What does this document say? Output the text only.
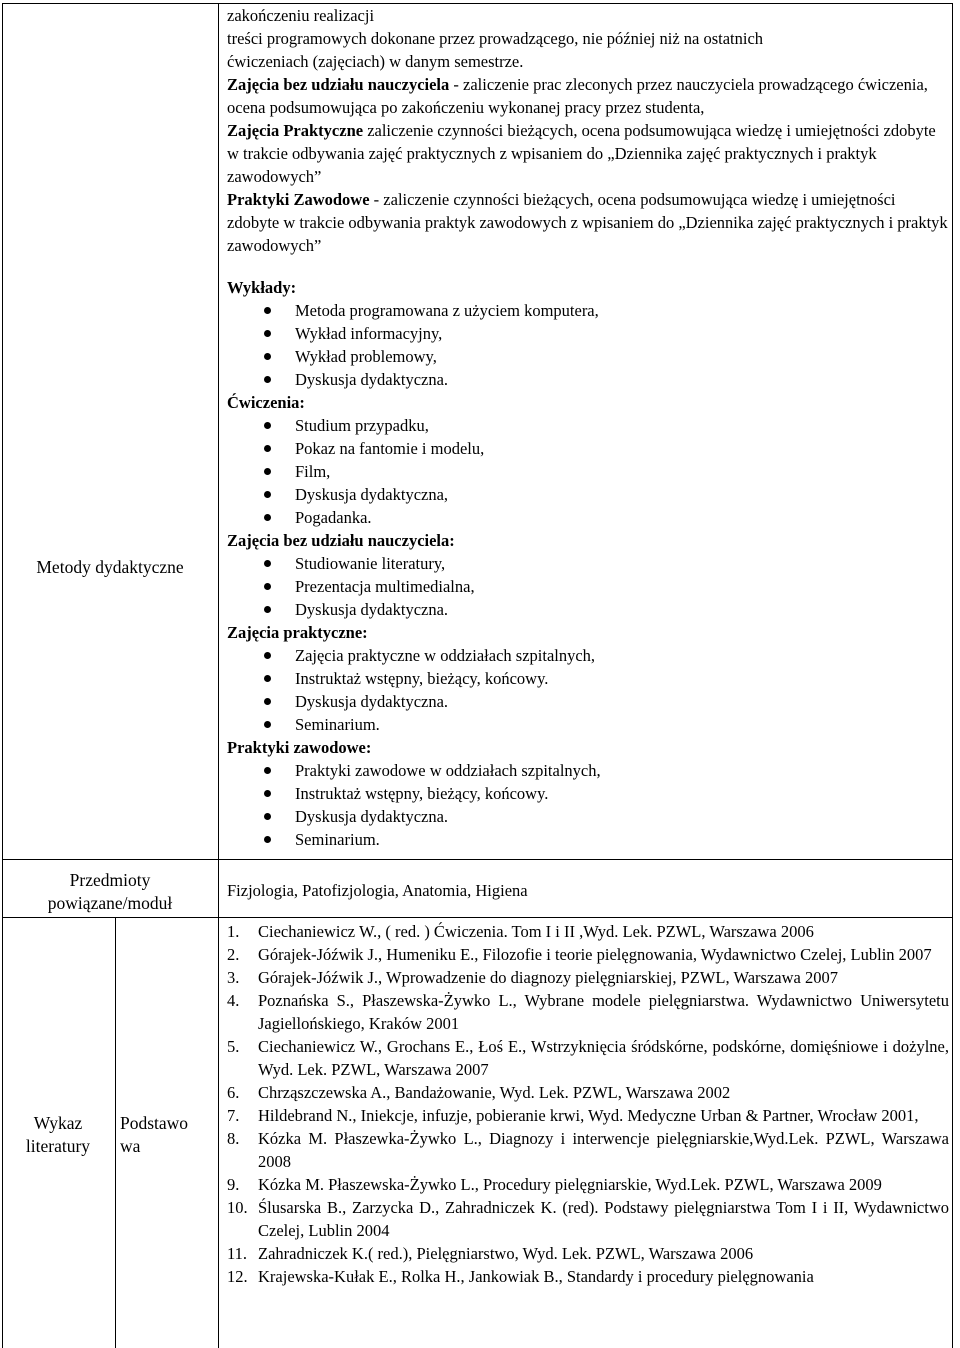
Metody dydaktyczne
Przedmioty powiązane/moduł
Wykaz literatury
Podstawowa

zakończeniu realizacji

treści programowych dokonane przez prowadzącego, nie później niż na ostatnich

ćwiczeniach (zajęciach) w danym semestrze.

Zajęcia bez udziału nauczyciela - zaliczenie prac zleconych przez nauczyciela prowadzącego ćwiczenia, ocena podsumowująca po zakończeniu wykonanej pracy przez studenta,

Zajęcia Praktyczne zaliczenie czynności bieżących, ocena podsumowująca wiedzę i umiejętności zdobyte w trakcie odbywania zajęć praktycznych z wpisaniem do „Dziennika zajęć praktycznych i praktyk zawodowych”

Praktyki Zawodowe - zaliczenie czynności bieżących, ocena podsumowująca wiedzę i umiejętności zdobyte w trakcie odbywania praktyk zawodowych z wpisaniem do „Dziennika zajęć praktycznych i praktyk zawodowych”

Wykłady:

Metoda programowana z użyciem komputera,
Wykład informacyjny,
Wykład problemowy,
Dyskusja dydaktyczna.

Ćwiczenia:

Studium przypadku,
Pokaz na fantomie i modelu,
Film,
Dyskusja dydaktyczna,
Pogadanka.

Zajęcia bez udziału nauczyciela:

Studiowanie literatury,
Prezentacja multimedialna,
Dyskusja dydaktyczna.

Zajęcia praktyczne:

Zajęcia praktyczne w oddziałach szpitalnych,
Instruktaż wstępny, bieżący, końcowy.
Dyskusja dydaktyczna.
Seminarium.

Praktyki zawodowe:

Praktyki zawodowe w oddziałach szpitalnych,
Instruktaż wstępny, bieżący, końcowy.
Dyskusja dydaktyczna.
Seminarium.

Fizjologia, Patofizjologia, Anatomia, Higiena

1. Ciechaniewicz W., ( red. ) Ćwiczenia. Tom I i II ,Wyd. Lek. PZWL, Warszawa 2006
2. Górajek-Jóźwik J., Humeniku E., Filozofie i teorie pielęgnowania, Wydawnictwo Czelej, Lublin 2007
3. Górajek-Jóźwik J., Wprowadzenie do diagnozy pielęgniarskiej, PZWL, Warszawa 2007
4. Poznańska S., Płaszewska-Żywko L., Wybrane modele pielęgniarstwa. Wydawnictwo Uniwersytetu Jagiellońskiego, Kraków 2001
5. Ciechaniewicz W., Grochans E., Łoś E., Wstrzyknięcia śródskórne, podskórne, domięśniowe i dożylne, Wyd. Lek. PZWL, Warszawa 2007
6. Chrząszczewska A., Bandażowanie, Wyd. Lek. PZWL, Warszawa 2002
7. Hildebrand N., Iniekcje, infuzje, pobieranie krwi, Wyd. Medyczne Urban & Partner, Wrocław 2001,
8. Kózka M. Płaszewka-Żywko L., Diagnozy i interwencje pielęgniarskie,Wyd.Lek. PZWL, Warszawa 2008
9. Kózka M. Płaszewska-Żywko L., Procedury pielęgniarskie, Wyd.Lek. PZWL, Warszawa 2009
10. Ślusarska B., Zarzycka D., Zahradniczek K. (red). Podstawy pielęgniarstwa Tom I i II, Wydawnictwo Czelej, Lublin 2004
11. Zahradniczek K.( red.), Pielęgniarstwo, Wyd. Lek. PZWL, Warszawa 2006
12. Krajewska-Kułak E., Rolka H., Jankowiak B., Standardy i procedury pielęgnowania
